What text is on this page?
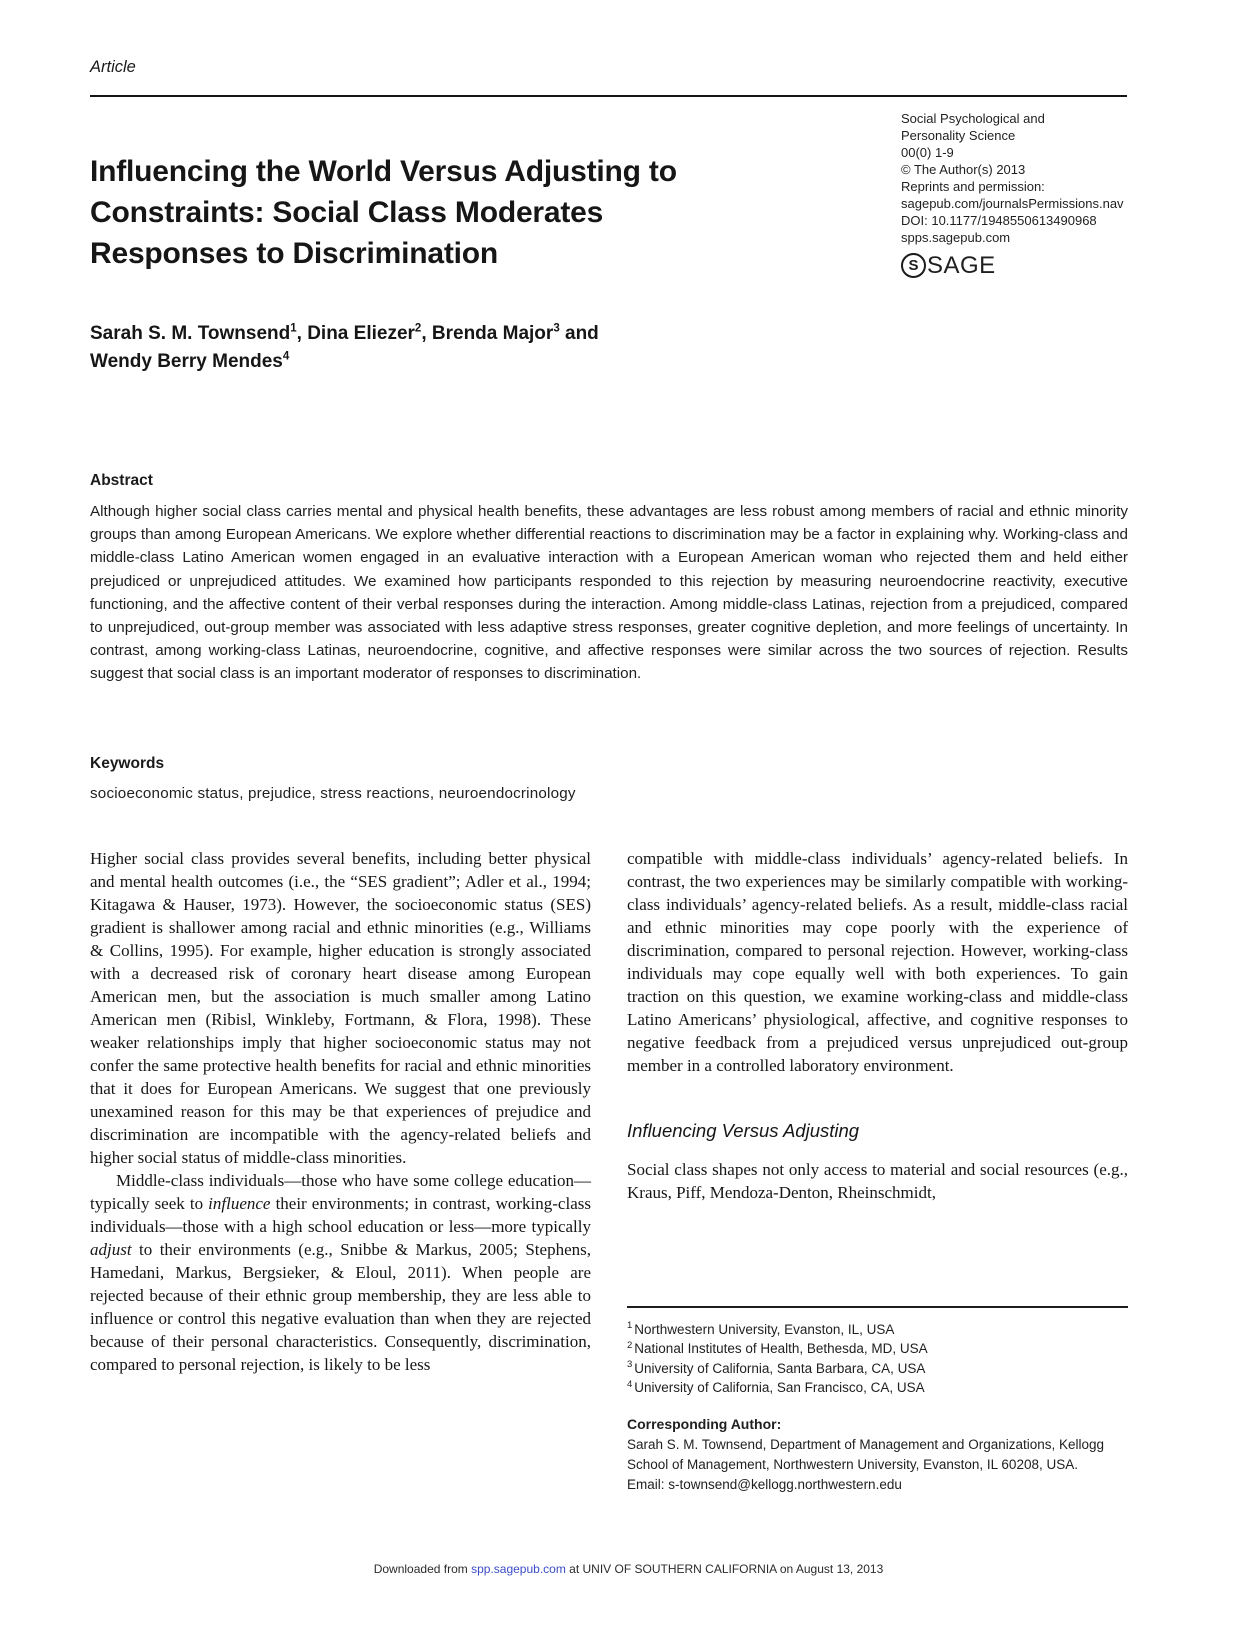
Article
Influencing the World Versus Adjusting to
Constraints: Social Class Moderates
Responses to Discrimination
Social Psychological and
Personality Science
00(0) 1-9
© The Author(s) 2013
Reprints and permission:
sagepub.com/journalsPermissions.nav
DOI: 10.1177/1948550613490968
spps.sagepub.com
S SAGE
Sarah S. M. Townsend$^1$, Dina Eliezer$^2$, Brenda Major$^3$ and
Wendy Berry Mendes$^4$
Abstract

Although higher social class carries mental and physical health benefits, these advantages are less robust among members of racial and ethnic minority groups than among European Americans. We explore whether differential reactions to discrimination may be a factor in explaining why. Working-class and middle-class Latino American women engaged in an evaluative interaction with a European American woman who rejected them and held either prejudiced or unprejudiced attitudes. We examined how participants responded to this rejection by measuring neuroendocrine reactivity, executive functioning, and the affective content of their verbal responses during the interaction. Among middle-class Latinas, rejection from a prejudiced, compared to unprejudiced, out-group member was associated with less adaptive stress responses, greater cognitive depletion, and more feelings of uncertainty. In contrast, among working-class Latinas, neuroendocrine, cognitive, and affective responses were similar across the two sources of rejection. Results suggest that social class is an important moderator of responses to discrimination.

Keywords

socioeconomic status, prejudice, stress reactions, neuroendocrinology

Higher social class provides several benefits, including better physical and mental health outcomes (i.e., the “SES gradient”; Adler et al., 1994; Kitagawa & Hauser, 1973). However, the socioeconomic status (SES) gradient is shallower among racial and ethnic minorities (e.g., Williams & Collins, 1995). For example, higher education is strongly associated with a decreased risk of coronary heart disease among European American men, but the association is much smaller among Latino American men (Ribisl, Winkleby, Fortmann, & Flora, 1998). These weaker relationships imply that higher socioeconomic status may not confer the same protective health benefits for racial and ethnic minorities that it does for European Americans. We suggest that one previously unexamined reason for this may be that experiences of prejudice and discrimination are incompatible with the agency-related beliefs and higher social status of middle-class minorities.

Middle-class individuals—those who have some college education—typically seek to influence their environments; in contrast, working-class individuals—those with a high school education or less—more typically adjust to their environments (e.g., Snibbe & Markus, 2005; Stephens, Hamedani, Markus, Bergsieker, & Eloul, 2011). When people are rejected because of their ethnic group membership, they are less able to influence or control this negative evaluation than when they are rejected because of their personal characteristics. Consequently, discrimination, compared to personal rejection, is likely to be less

compatible with middle-class individuals’ agency-related beliefs. In contrast, the two experiences may be similarly compatible with working-class individuals’ agency-related beliefs. As a result, middle-class racial and ethnic minorities may cope poorly with the experience of discrimination, compared to personal rejection. However, working-class individuals may cope equally well with both experiences. To gain traction on this question, we examine working-class and middle-class Latino Americans’ physiological, affective, and cognitive responses to negative feedback from a prejudiced versus unprejudiced out-group member in a controlled laboratory environment.

Influencing Versus Adjusting

Social class shapes not only access to material and social resources (e.g., Kraus, Piff, Mendoza-Denton, Rheinschmidt,

$^1$ Northwestern University, Evanston, IL, USA
$^2$ National Institutes of Health, Bethesda, MD, USA
$^3$ University of California, Santa Barbara, CA, USA
$^4$ University of California, San Francisco, CA, USA
Corresponding Author:
Sarah S. M. Townsend, Department of Management and Organizations, Kellogg School of Management, Northwestern University, Evanston, IL 60208, USA.
Email: s-townsend@kellogg.northwestern.edu
Downloaded from spp.sagepub.com at UNIV OF SOUTHERN CALIFORNIA on August 13, 2013
